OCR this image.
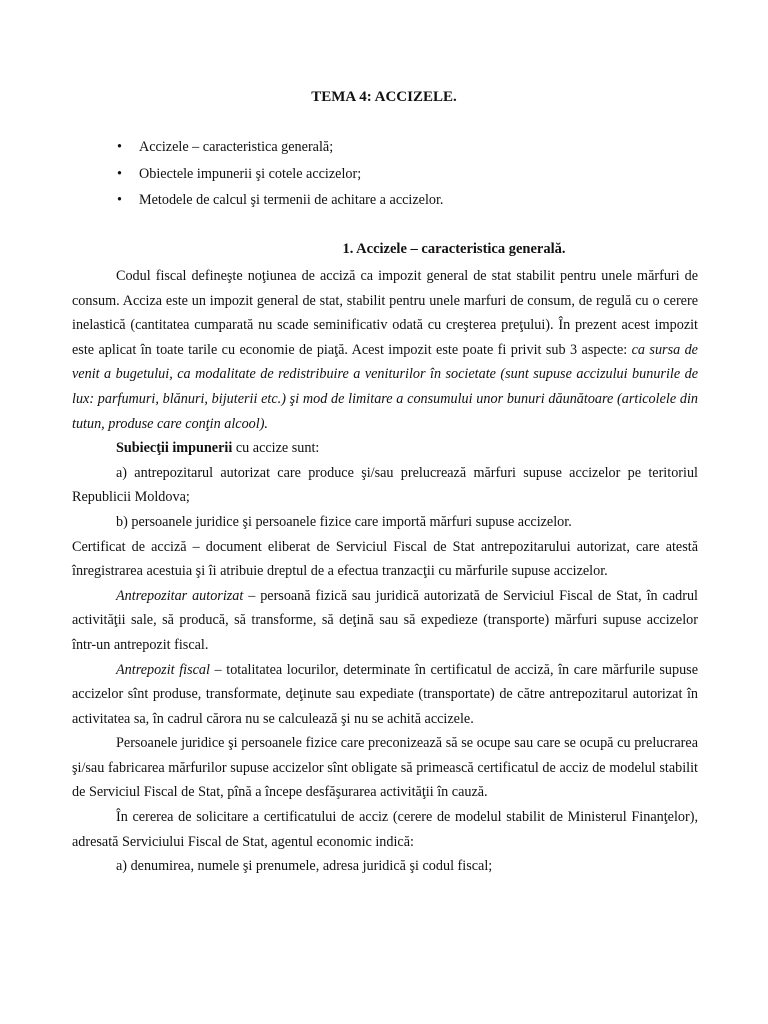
TEMA 4: ACCIZELE.
• Accizele – caracteristica generală;
• Obiectele impunerii şi cotele accizelor;
• Metodele de calcul şi termenii de achitare a accizelor.
1. Accizele – caracteristica generală.

Codul fiscal defineşte noţiunea de acciză ca impozit general de stat stabilit pentru unele mărfuri de consum. Acciza este un impozit general de stat, stabilit pentru unele marfuri de consum, de regulă cu o cerere inelastică (cantitatea cumparată nu scade seminificativ odată cu creşterea preţului). În prezent acest impozit este aplicat în toate tarile cu economie de piaţă. Acest impozit este poate fi privit sub 3 aspecte: ca sursa de venit a bugetului, ca modalitate de redistribuire a veniturilor în societate (sunt supuse accizului bunurile de lux: parfumuri, blănuri, bijuterii etc.) şi mod de limitare a consumului unor bunuri dăunătoare (articolele din tutun, produse care conţin alcool).

Subiecţii impunerii cu accize sunt:

a) antrepozitarul autorizat care produce şi/sau prelucrează mărfuri supuse accizelor pe teritoriul Republicii Moldova;

b) persoanele juridice şi persoanele fizice care importă mărfuri supuse accizelor.

Certificat de acciză – document eliberat de Serviciul Fiscal de Stat antrepozitarului autorizat, care atestă înregistrarea acestuia şi îi atribuie dreptul de a efectua tranzacţii cu mărfurile supuse accizelor.

Antrepozitar autorizat – persoană fizică sau juridică autorizată de Serviciul Fiscal de Stat, în cadrul activităţii sale, să producă, să transforme, să deţină sau să expedieze (transporte) mărfuri supuse accizelor într-un antrepozit fiscal.

Antrepozit fiscal – totalitatea locurilor, determinate în certificatul de acciză, în care mărfurile supuse accizelor sînt produse, transformate, deţinute sau expediate (transportate) de către antrepozitarul autorizat în activitatea sa, în cadrul cărora nu se calculează şi nu se achită accizele.

Persoanele juridice şi persoanele fizice care preconizează să se ocupe sau care se ocupă cu prelucrarea şi/sau fabricarea mărfurilor supuse accizelor sînt obligate să primească certificatul de acciz de modelul stabilit de Serviciul Fiscal de Stat, pînă a începe desfăşurarea activităţii în cauză.

În cererea de solicitare a certificatului de acciz (cerere de modelul stabilit de Ministerul Finanţelor), adresată Serviciului Fiscal de Stat, agentul economic indică:

a) denumirea, numele şi prenumele, adresa juridică şi codul fiscal;
